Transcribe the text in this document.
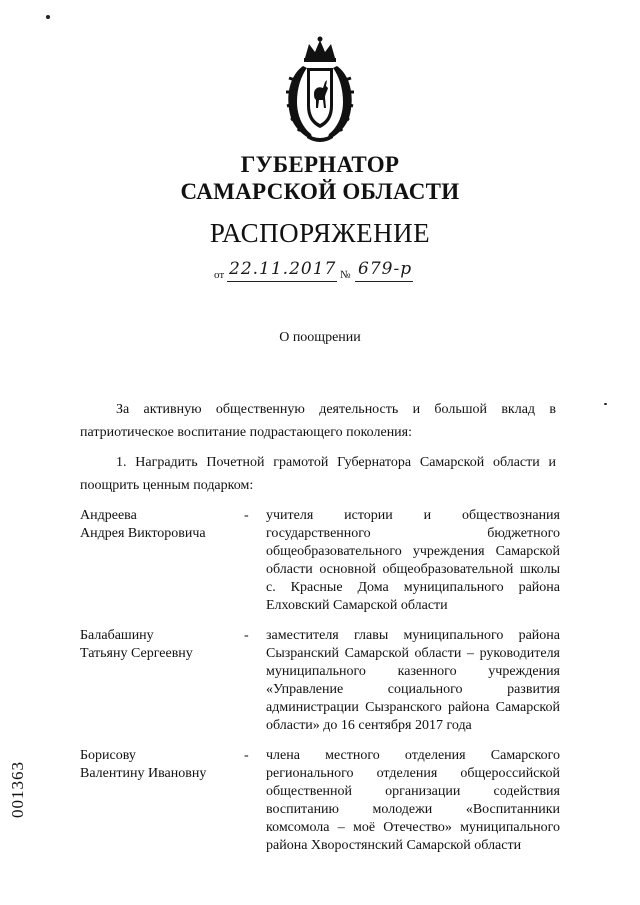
ГУБЕРНАТОР
САМАРСКОЙ ОБЛАСТИ
РАСПОРЯЖЕНИЕ
от 22.11.2017 № 679-р
О поощрении
За активную общественную деятельность и большой вклад в патриотическое воспитание подрастающего поколения:
1. Наградить Почетной грамотой Губернатора Самарской области и поощрить ценным подарком:
Андреева
Андрея Викторовича
- учителя истории и обществознания государственного бюджетного общеобразовательного учреждения Самарской области основной общеобразовательной школы с. Красные Дома муниципального района Елховский Самарской области
Балабашину
Татьяну Сергеевну
- заместителя главы муниципального района Сызранский Самарской области – руководителя муниципального казенного учреждения «Управление социального развития администрации Сызранского района Самарской области» до 16 сентября 2017 года
Борисову
Валентину Ивановну
- члена местного отделения Самарского регионального отделения общероссийской общественной организации содействия воспитанию молодежи «Воспитанники комсомола – моё Отечество» муниципального района Хворостянский Самарской области
001363
